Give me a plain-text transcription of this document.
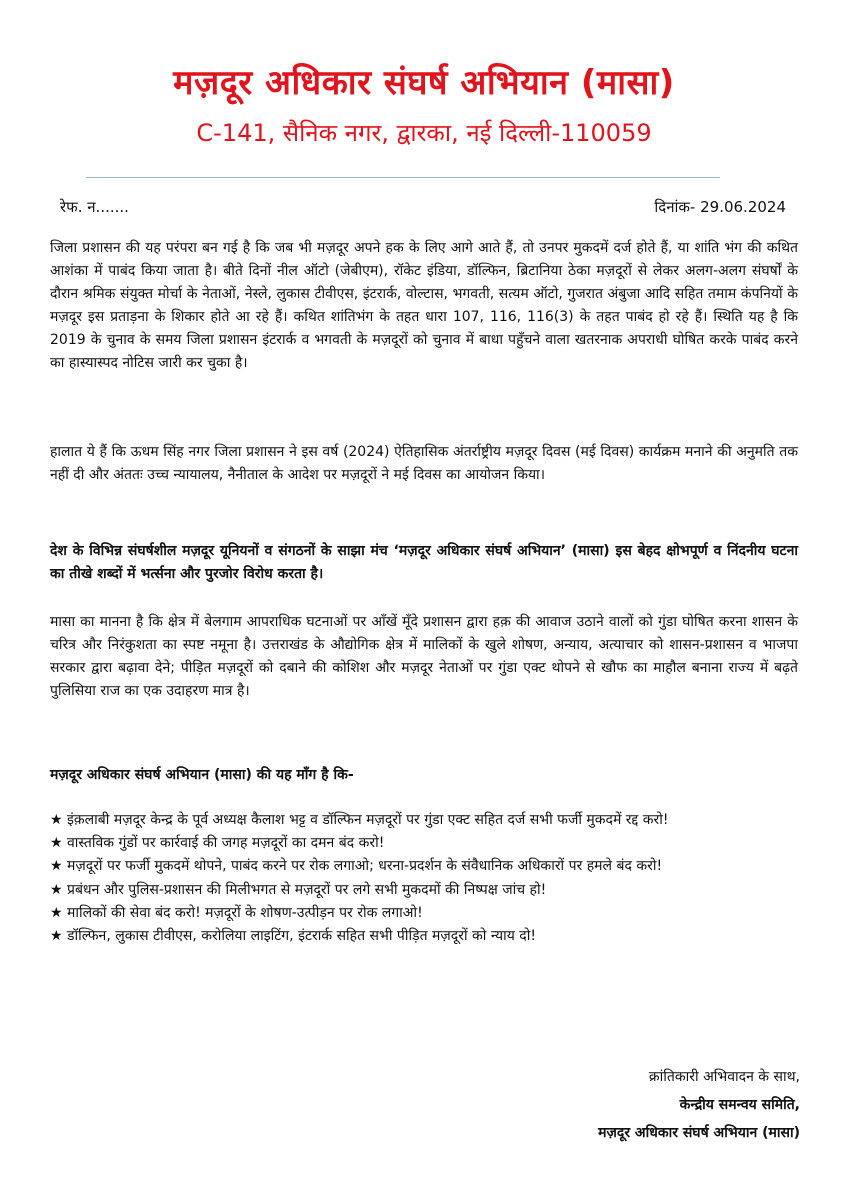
मज़दूर अधिकार संघर्ष अभियान (मासा)
C-141, सैनिक नगर, द्वारका, नई दिल्ली-110059
रेफ. न.......	दिनांक- 29.06.2024
जिला प्रशासन की यह परंपरा बन गई है कि जब भी मज़दूर अपने हक के लिए आगे आते हैं, तो उनपर मुकदमें दर्ज होते हैं, या शांति भंग की कथित आशंका में पाबंद किया जाता है। बीते दिनों नील ऑटो (जेबीएम), रॉकेट इंडिया, डॉल्फिन, ब्रिटानिया ठेका मज़दूरों से लेकर अलग-अलग संघर्षों के दौरान श्रमिक संयुक्त मोर्चा के नेताओं, नेस्ले, लुकास टीवीएस, इंटरार्क, वोल्टास, भगवती, सत्यम ऑटो, गुजरात अंबुजा आदि सहित तमाम कंपनियों के मज़दूर इस प्रताड़ना के शिकार होते आ रहे हैं। कथित शांतिभंग के तहत धारा 107, 116, 116(3) के तहत पाबंद हो रहे हैं। स्थिति यह है कि 2019 के चुनाव के समय जिला प्रशासन इंटरार्क व भगवती के मज़दूरों को चुनाव में बाधा पहुँचने वाला खतरनाक अपराधी घोषित करके पाबंद करने का हास्यास्पद नोटिस जारी कर चुका है।
हालात ये हैं कि ऊधम सिंह नगर जिला प्रशासन ने इस वर्ष (2024) ऐतिहासिक अंतर्राष्ट्रीय मज़दूर दिवस (मई दिवस) कार्यक्रम मनाने की अनुमति तक नहीं दी और अंततः उच्च न्यायालय, नैनीताल के आदेश पर मज़दूरों ने मई दिवस का आयोजन किया।
देश के विभिन्न संघर्षशील मज़दूर यूनियनों व संगठनों के साझा मंच ‘मज़दूर अधिकार संघर्ष अभियान’ (मासा) इस बेहद क्षोभपूर्ण व निंदनीय घटना का तीखे शब्दों में भर्त्सना और पुरजोर विरोध करता है।
मासा का मानना है कि क्षेत्र में बेलगाम आपराधिक घटनाओं पर आँखें मूँदे प्रशासन द्वारा हक़ की आवाज उठाने वालों को गुंडा घोषित करना शासन के चरित्र और निरंकुशता का स्पष्ट नमूना है। उत्तराखंड के औद्योगिक क्षेत्र में मालिकों के खुले शोषण, अन्याय, अत्याचार को शासन-प्रशासन व भाजपा सरकार द्वारा बढ़ावा देने; पीड़ित मज़दूरों को दबाने की कोशिश और मज़दूर नेताओं पर गुंडा एक्ट थोपने से खौफ का माहौल बनाना राज्य में बढ़ते पुलिसिया राज का एक उदाहरण मात्र है।
मज़दूर अधिकार संघर्ष अभियान (मासा) की यह माँग है कि-
★ इंक़लाबी मज़दूर केन्द्र के पूर्व अध्यक्ष कैलाश भट्ट व डॉल्फिन मज़दूरों पर गुंडा एक्ट सहित दर्ज सभी फर्जी मुकदमें रद्द करो!
★ वास्तविक गुंडों पर कार्रवाई की जगह मज़दूरों का दमन बंद करो!
★ मज़दूरों पर फर्जी मुकदमें थोपने, पाबंद करने पर रोक लगाओ; धरना-प्रदर्शन के संवैधानिक अधिकारों पर हमले बंद करो!
★ प्रबंधन और पुलिस-प्रशासन की मिलीभगत से मज़दूरों पर लगे सभी मुकदमों की निष्पक्ष जांच हो!
★ मालिकों की सेवा बंद करो! मज़दूरों के शोषण-उत्पीड़न पर रोक लगाओ!
★ डॉल्फिन, लुकास टीवीएस, करोलिया लाइटिंग, इंटरार्क सहित सभी पीड़ित मज़दूरों को न्याय दो!
क्रांतिकारी अभिवादन के साथ,
केन्द्रीय समन्वय समिति,
मज़दूर अधिकार संघर्ष अभियान (मासा)
